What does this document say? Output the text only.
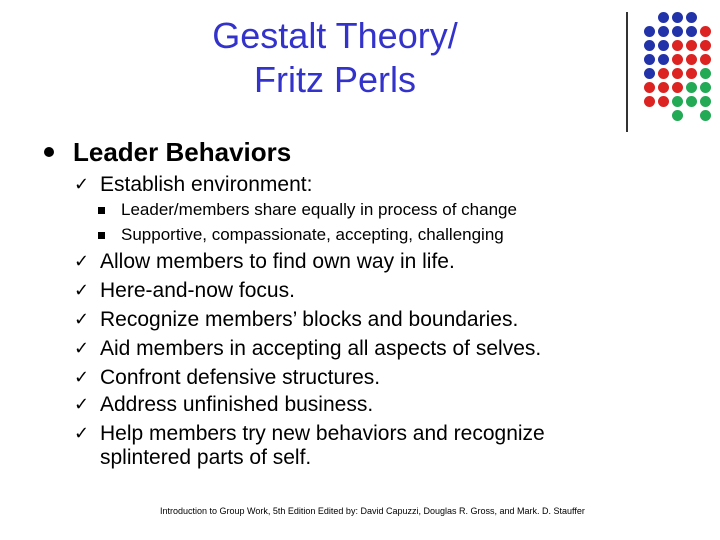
Gestalt Theory/
Fritz Perls
Leader Behaviors
✓ Establish environment:
Leader/members share equally in process of change
Supportive, compassionate, accepting, challenging
✓ Allow members to find own way in life.
✓ Here-and-now focus.
✓ Recognize members’ blocks and boundaries.
✓ Aid members in accepting all aspects of selves.
✓ Confront defensive structures.
✓ Address unfinished business.
✓ Help members try new behaviors and recognize
splintered parts of self.
Introduction to Group Work, 5th Edition Edited by: David Capuzzi, Douglas R. Gross, and Mark. D. Stauffer
